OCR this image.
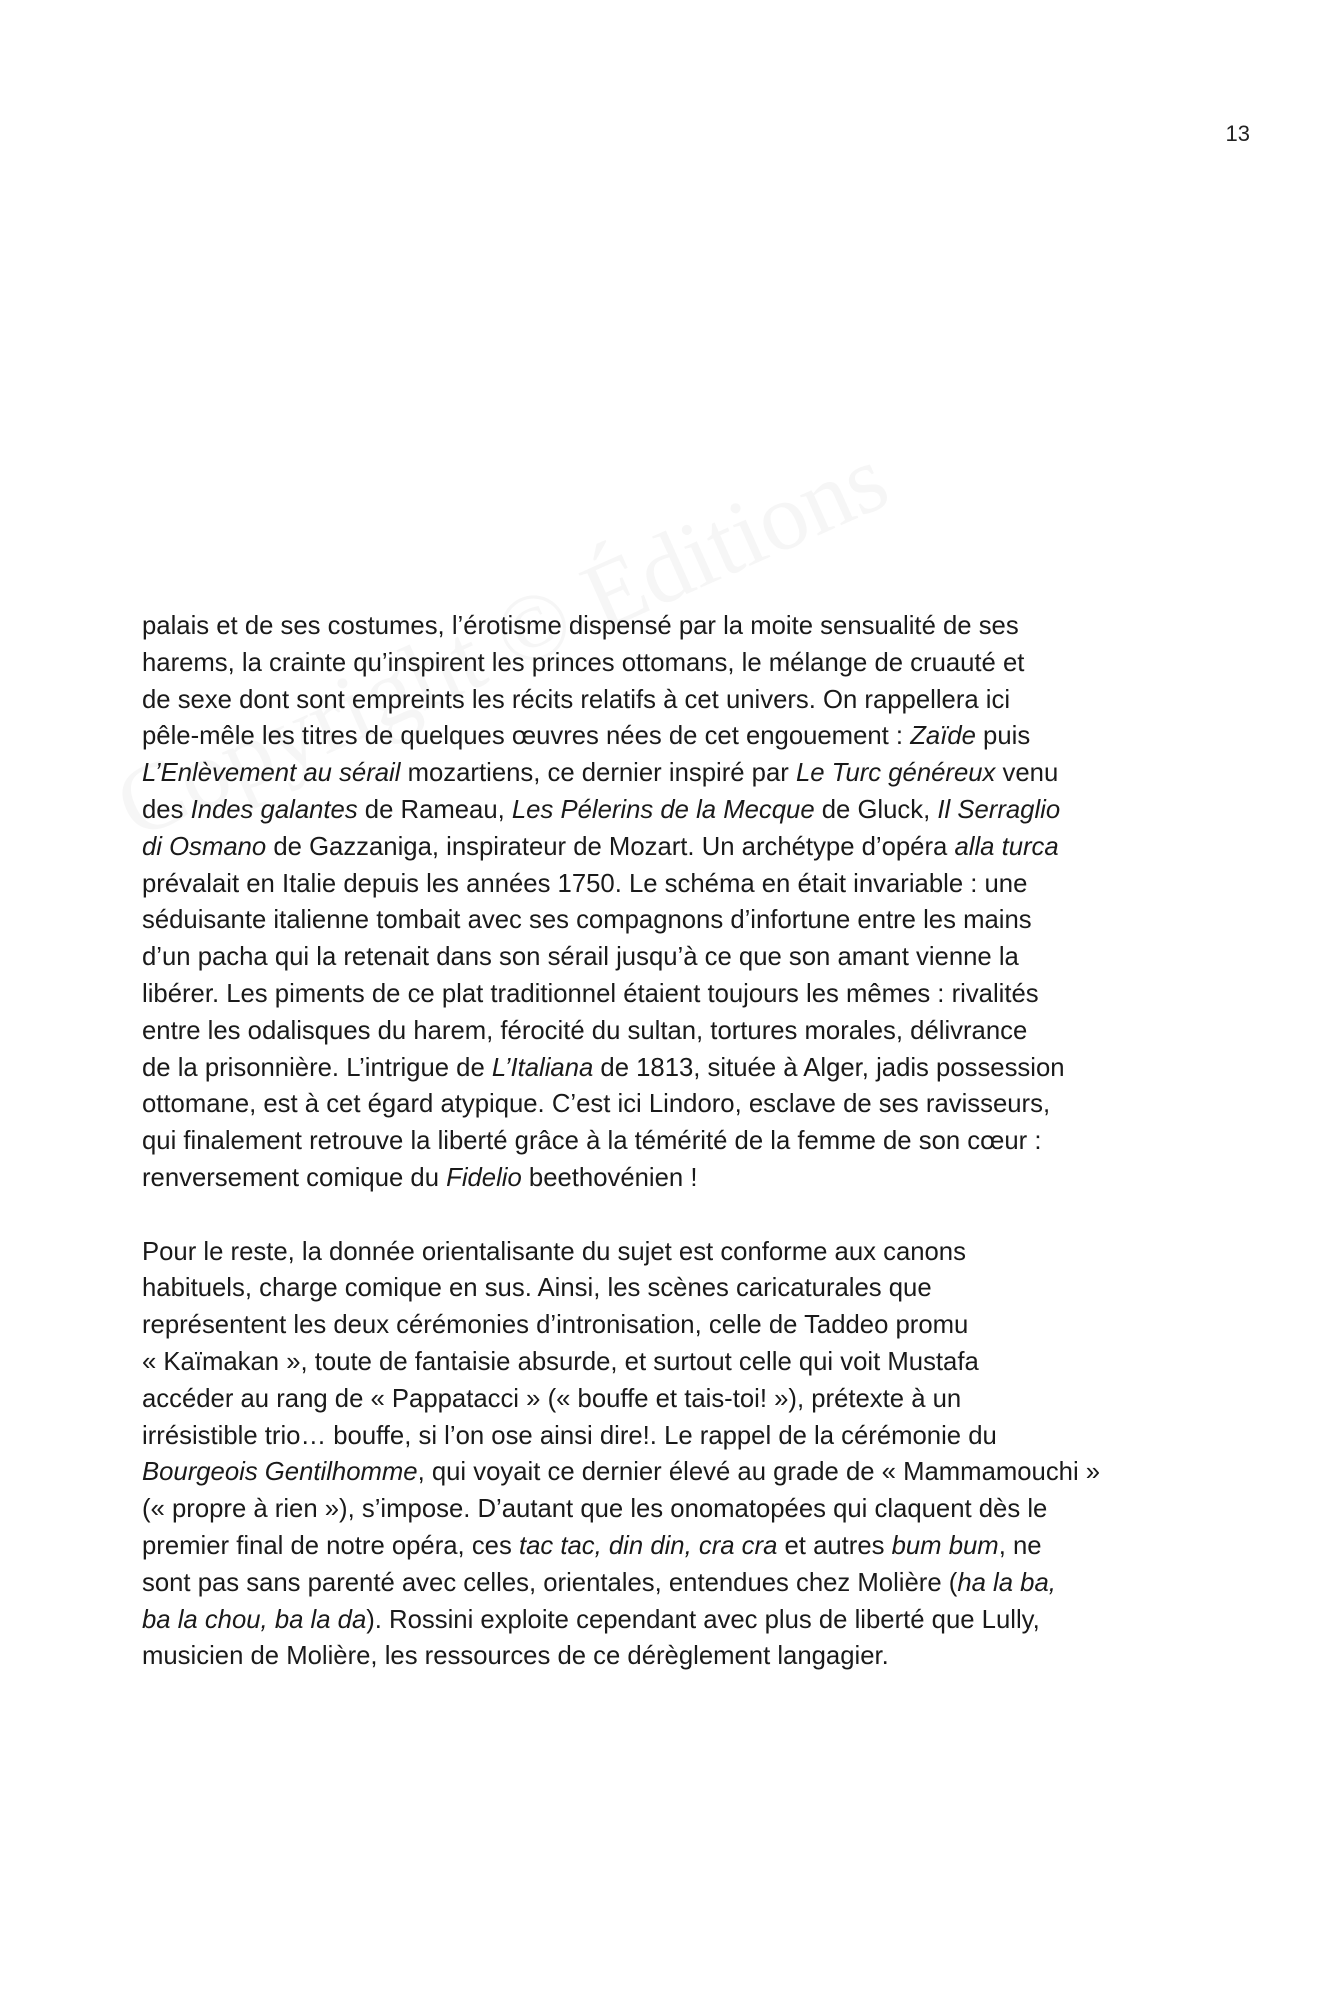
13

palais et de ses costumes, l’érotisme dispensé par la moite sensualité de ses
harems, la crainte qu’inspirent les princes ottomans, le mélange de cruauté et
de sexe dont sont empreints les récits relatifs à cet univers. On rappellera ici
pêle-mêle les titres de quelques œuvres nées de cet engouement : Zaïde puis
L’Enlèvement au sérail mozartiens, ce dernier inspiré par Le Turc généreux venu
des Indes galantes de Rameau, Les Pélerins de la Mecque de Gluck, Il Serraglio
di Osmano de Gazzaniga, inspirateur de Mozart. Un archétype d’opéra alla turca
prévalait en Italie depuis les années 1750. Le schéma en était invariable : une
séduisante italienne tombait avec ses compagnons d’infortune entre les mains
d’un pacha qui la retenait dans son sérail jusqu’à ce que son amant vienne la
libérer. Les piments de ce plat traditionnel étaient toujours les mêmes : rivalités
entre les odalisques du harem, férocité du sultan, tortures morales, délivrance
de la prisonnière. L’intrigue de L’Italiana de 1813, située à Alger, jadis possession
ottomane, est à cet égard atypique. C’est ici Lindoro, esclave de ses ravisseurs,
qui finalement retrouve la liberté grâce à la témérité de la femme de son cœur :
renversement comique du Fidelio beethovénien !

Pour le reste, la donnée orientalisante du sujet est conforme aux canons
habituels, charge comique en sus. Ainsi, les scènes caricaturales que
représentent les deux cérémonies d’intronisation, celle de Taddeo promu
« Kaïmakan », toute de fantaisie absurde, et surtout celle qui voit Mustafa
accéder au rang de « Pappatacci » (« bouffe et tais-toi! »), prétexte à un
irrésistible trio… bouffe, si l’on ose ainsi dire!. Le rappel de la cérémonie du
Bourgeois Gentilhomme, qui voyait ce dernier élevé au grade de « Mammamouchi »
(« propre à rien »), s’impose. D’autant que les onomatopées qui claquent dès le
premier final de notre opéra, ces tac tac, din din, cra cra et autres bum bum, ne
sont pas sans parenté avec celles, orientales, entendues chez Molière (ha la ba,
ba la chou, ba la da). Rossini exploite cependant avec plus de liberté que Lully,
musicien de Molière, les ressources de ce dérèglement langagier.
